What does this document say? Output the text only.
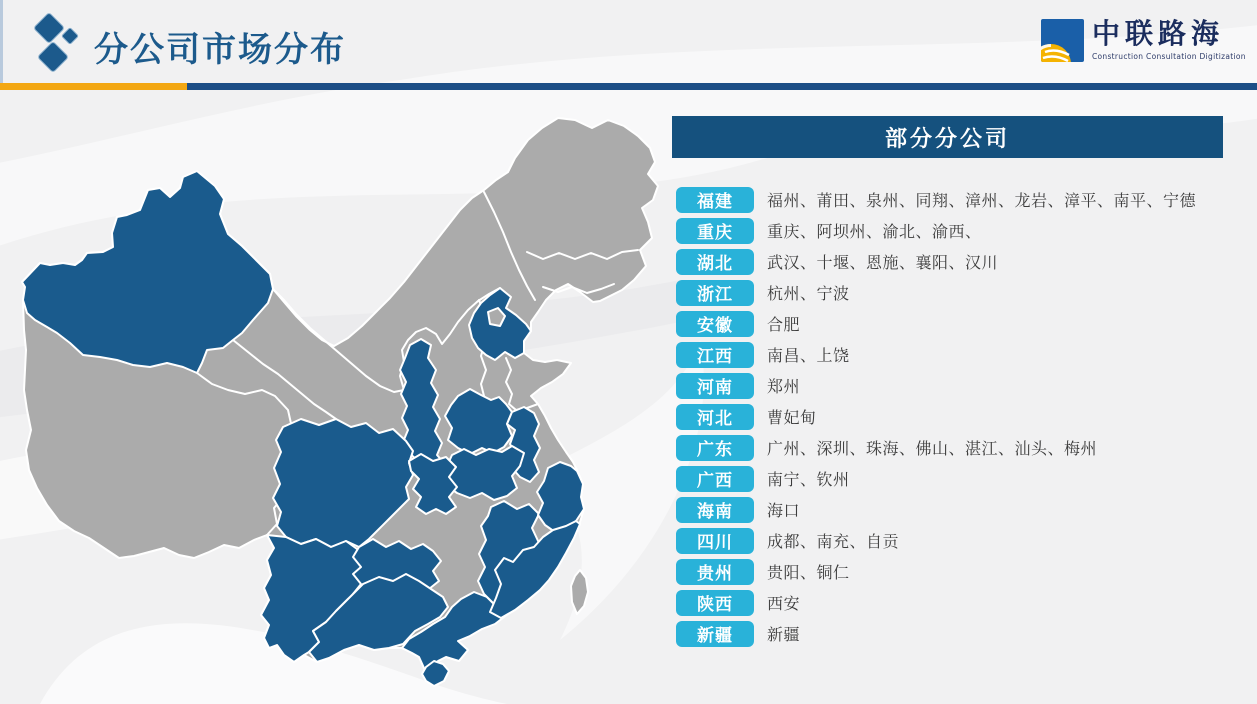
分公司市场分布	中联路海
Construction Consultation Digitization
部分分公司
福建	福州、莆田、泉州、同翔、漳州、龙岩、漳平、南平、宁德
重庆	重庆、阿坝州、渝北、渝西、
湖北	武汉、十堰、恩施、襄阳、汉川
浙江	杭州、宁波
安徽	合肥
江西	南昌、上饶
河南	郑州
河北	曹妃甸
广东	广州、深圳、珠海、佛山、湛江、汕头、梅州
广西	南宁、钦州
海南	海口
四川	成都、南充、自贡
贵州	贵阳、铜仁
陕西	西安
新疆	新疆
